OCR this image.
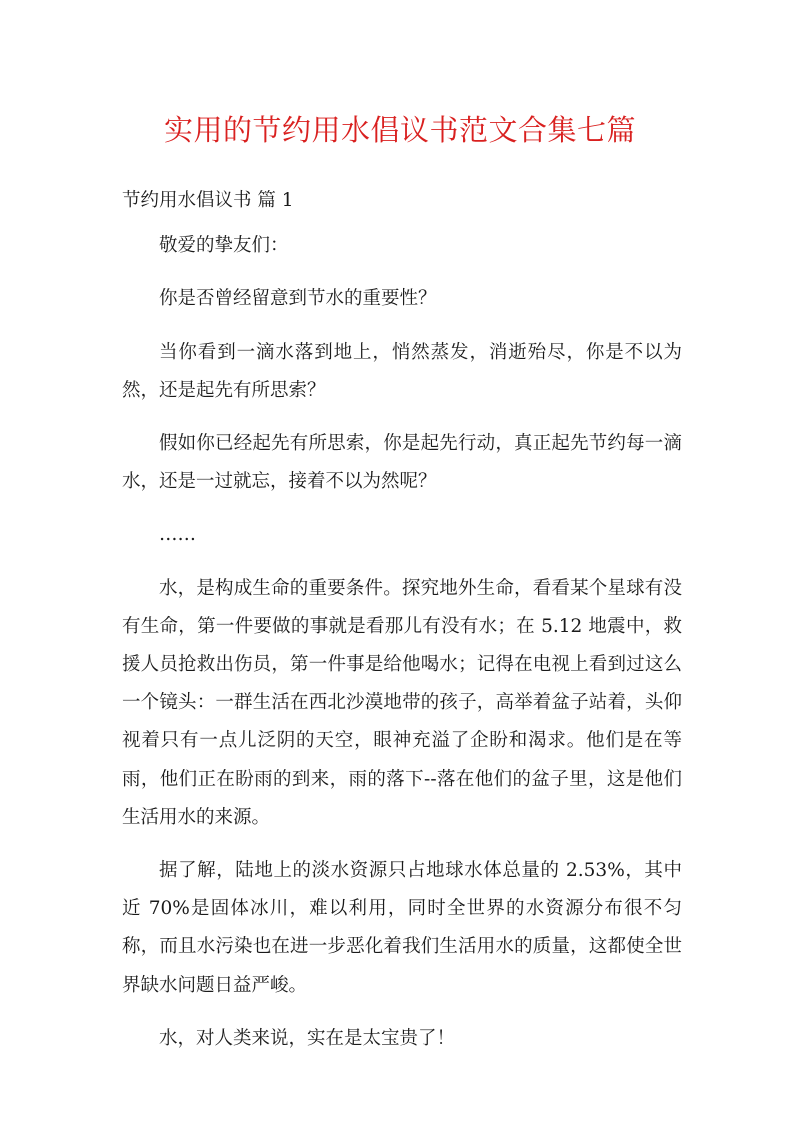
实用的节约用水倡议书范文合集七篇

节约用水倡议书 篇 1

敬爱的挚友们：

你是否曾经留意到节水的重要性？

当你看到一滴水落到地上，悄然蒸发，消逝殆尽，你是不以为然，还是起先有所思索？

假如你已经起先有所思索，你是起先行动，真正起先节约每一滴水，还是一过就忘，接着不以为然呢？

……

水，是构成生命的重要条件。探究地外生命，看看某个星球有没有生命，第一件要做的事就是看那儿有没有水；在 5.12 地震中，救援人员抢救出伤员，第一件事是给他喝水；记得在电视上看到过这么一个镜头：一群生活在西北沙漠地带的孩子，高举着盆子站着，头仰视着只有一点儿泛阴的天空，眼神充溢了企盼和渴求。他们是在等雨，他们正在盼雨的到来，雨的落下--落在他们的盆子里，这是他们生活用水的来源。

据了解，陆地上的淡水资源只占地球水体总量的 2.53%，其中近 70%是固体冰川，难以利用，同时全世界的水资源分布很不匀称，而且水污染也在进一步恶化着我们生活用水的质量，这都使全世界缺水问题日益严峻。

水，对人类来说，实在是太宝贵了！
